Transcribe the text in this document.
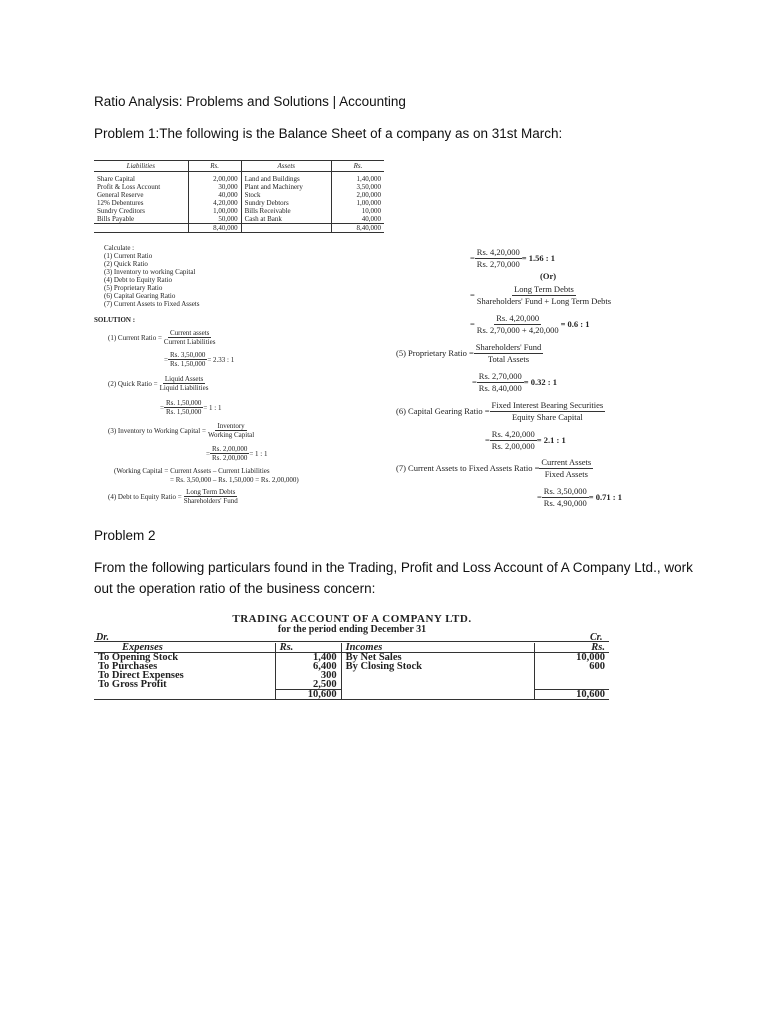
Ratio Analysis: Problems and Solutions | Accounting
Problem 1:The following is the Balance Sheet of a company as on 31st March:
Liabilities	Rs.	Assets	Rs.
Share Capital	2,00,000	Land and Buildings	1,40,000
Profit & Loss Account	30,000	Plant and Machinery	3,50,000
General Reserve	40,000	Stock	2,00,000
12% Debentures	4,20,000	Sundry Debtors	1,00,000
Sundry Creditors	1,00,000	Bills Receivable	10,000
Bills Payable	50,000	Cash at Bank	40,000
	8,40,000		8,40,000
Calculate :
(1) Current Ratio
(2) Quick Ratio
(3) Inventory to working Capital
(4) Debt to Equity Ratio
(5) Proprietary Ratio
(6) Capital Gearing Ratio
(7) Current Assets to Fixed Assets
SOLUTION :
(1) Current Ratio = $\frac{\text{Current assets}}{\text{Current Liabilities}}$
= $\frac{Rs. 3,50,000}{Rs. 1,50,000} = 2.33$ : 1
(2) Quick Ratio = $\frac{\text{Liquid Assets}}{\text{Liquid Liabilities}}$
= $\frac{Rs. 1,50,000}{Rs. 1,50,000} = 1$ : 1
(3) Inventory to Working Capital = $\frac{\text{Inventory}}{\text{Working Capital}}$
= $\frac{Rs. 2,00,000}{Rs. 2,00,000} = 1$ : 1
(Working Capital = Current Assets – Current Liabilities
= Rs. 3,50,000 – Rs. 1,50,000 = Rs. 2,00,000)
(4) Debt to Equity Ratio = $\frac{\text{Long Term Debts}}{\text{Shareholders' Fund}}$
= $\frac{Rs. 4,20,000}{Rs. 2,70,000} = 1.56$ : 1
(Or)
= $\frac{\text{Long Term Debts}}{\text{Shareholders' Fund + Long Term Debts}}$
= $\frac{Rs. 4,20,000}{Rs. 2,70,000 + 4,20,000} = 0.6$ : 1
(5) Proprietary Ratio = $\frac{\text{Shareholders' Fund}}{\text{Total Assets}}$
= $\frac{Rs. 2,70,000}{Rs. 8,40,000} = 0.32$ : 1
(6) Capital Gearing Ratio = $\frac{\text{Fixed Interest Bearing Securities}}{\text{Equity Share Capital}}$
= $\frac{Rs. 4,20,000}{Rs. 2,00,000} = 2.1$ : 1
(7) Current Assets to Fixed Assets Ratio = $\frac{\text{Current Assets}}{\text{Fixed Assets}}$
= $\frac{Rs. 3,50,000}{Rs. 4,90,000} = 0.71$ : 1
Problem 2
From the following particulars found in the Trading, Profit and Loss Account of A Company Ltd., work
out the operation ratio of the business concern:
TRADING ACCOUNT OF A COMPANY LTD.
for the period ending December 31
Dr.	Cr.
Expenses	Rs.	Incomes	Rs.
To Opening Stock	1,400	By Net Sales	10,000
To Purchases	6,400	By Closing Stock	600
To Direct Expenses	300		
To Gross Profit	2,500		
	10,600		10,600
